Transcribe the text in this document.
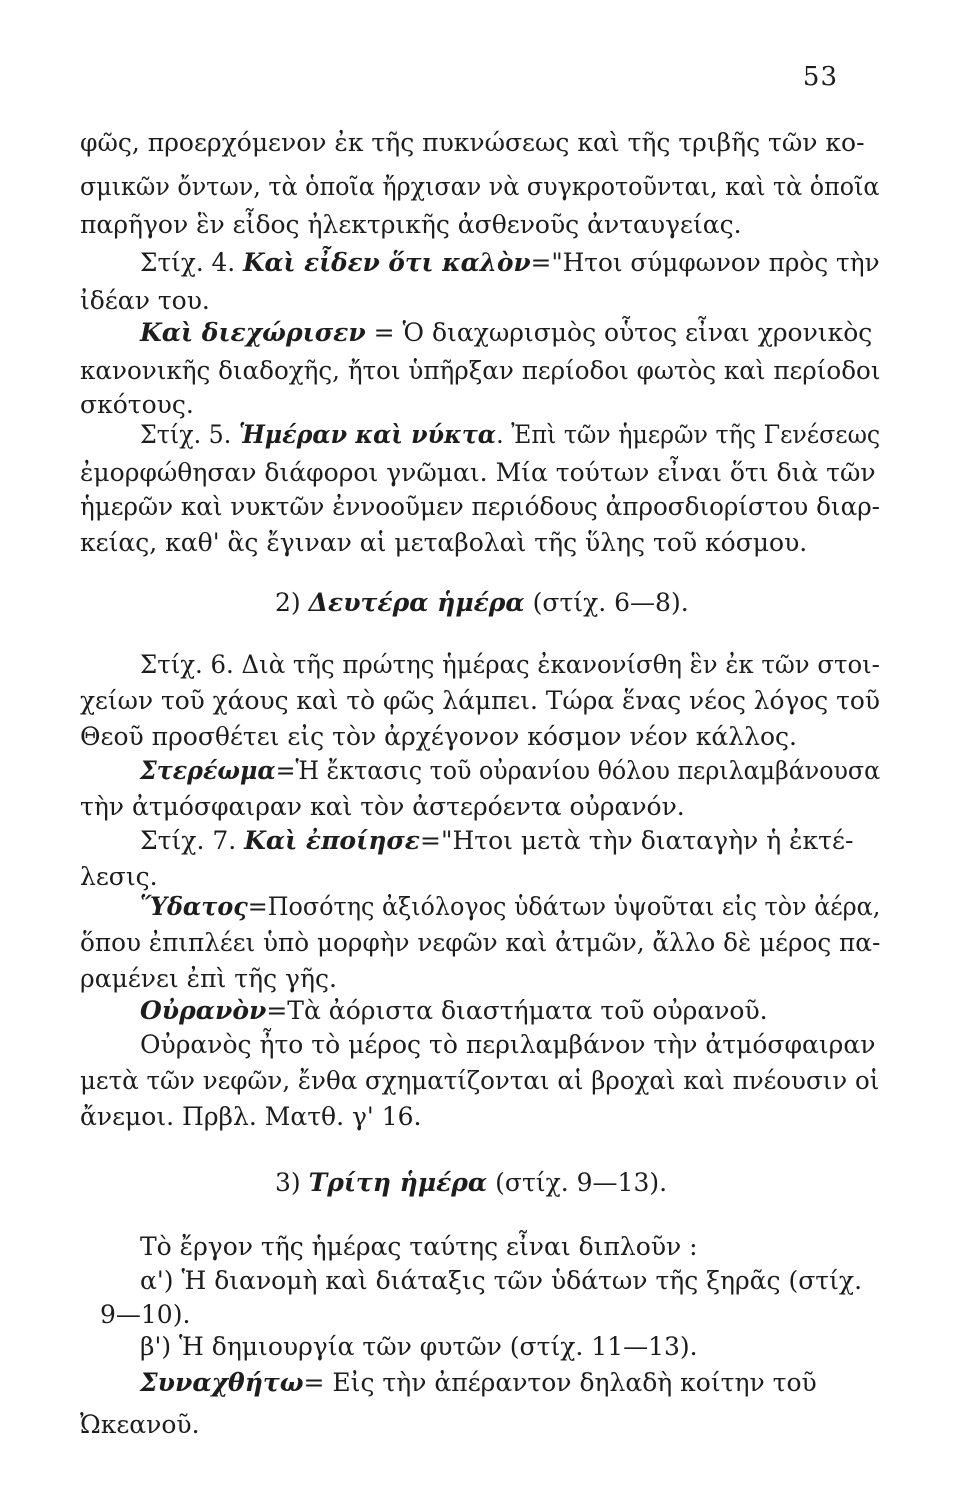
53
φῶς, προερχόμενον ἐκ τῆς πυκνώσεως καὶ τῆς τριβῆς τῶν κο-
σμικῶν ὄντων, τὰ ὁποῖα ἤρχισαν νὰ συγκροτοῦνται, καὶ τὰ ὁποῖα
παρῆγον ἓν εἶδος ἠλεκτρικῆς ἀσθενοῦς ἀνταυγείας.
Στίχ. 4. Καὶ εἶδεν ὅτι καλὸν="Ητοι σύμφωνον πρὸς τὴν
ἰδέαν του.
Καὶ διεχώρισεν = Ὁ διαχωρισμὸς οὗτος εἶναι χρονικὸς
κανονικῆς διαδοχῆς, ἤτοι ὑπῆρξαν περίοδοι φωτὸς καὶ περίοδοι
σκότους.
Στίχ. 5. Ἡμέραν καὶ νύκτα. Ἐπὶ τῶν ἡμερῶν τῆς Γενέσεως
ἐμορφώθησαν διάφοροι γνῶμαι. Μία τούτων εἶναι ὅτι διὰ τῶν
ἡμερῶν καὶ νυκτῶν ἐννοοῦμεν περιόδους ἀπροσδιορίστου διαρ-
κείας, καθ' ἃς ἔγιναν αἱ μεταβολαὶ τῆς ὕλης τοῦ κόσμου.
2) Δευτέρα ἡμέρα (στίχ. 6—8).
Στίχ. 6. Διὰ τῆς πρώτης ἡμέρας ἐκανονίσθη ἓν ἐκ τῶν στοι-
χείων τοῦ χάους καὶ τὸ φῶς λάμπει. Τώρα ἕνας νέος λόγος τοῦ
Θεοῦ προσθέτει εἰς τὸν ἀρχέγονον κόσμον νέον κάλλος.
Στερέωμα=Ἡ ἔκτασις τοῦ οὐρανίου θόλου περιλαμβάνουσα
τὴν ἀτμόσφαιραν καὶ τὸν ἀστερόεντα οὐρανόν.
Στίχ. 7. Καὶ ἐποίησε="Ητοι μετὰ τὴν διαταγὴν ἡ ἐκτέ-
λεσις.
Ὕδατος=Ποσότης ἀξιόλογος ὑδάτων ὑψοῦται εἰς τὸν ἀέρα,
ὅπου ἐπιπλέει ὑπὸ μορφὴν νεφῶν καὶ ἀτμῶν, ἄλλο δὲ μέρος πα-
ραμένει ἐπὶ τῆς γῆς.
Οὐρανὸν=Τὰ ἀόριστα διαστήματα τοῦ οὐρανοῦ.
Οὐρανὸς ἦτο τὸ μέρος τὸ περιλαμβάνον τὴν ἀτμόσφαιραν
μετὰ τῶν νεφῶν, ἔνθα σχηματίζονται αἱ βροχαὶ καὶ πνέουσιν οἱ
ἄνεμοι. Πρβλ. Ματθ. γ' 16.
3) Τρίτη ἡμέρα (στίχ. 9—13).
Τὸ ἔργον τῆς ἡμέρας ταύτης εἶναι διπλοῦν :
α') Ἡ διανομὴ καὶ διάταξις τῶν ὑδάτων τῆς ξηρᾶς (στίχ.
9—10).
β') Ἡ δημιουργία τῶν φυτῶν (στίχ. 11—13).
Συναχθήτω= Εἰς τὴν ἀπέραντον δηλαδὴ κοίτην τοῦ
Ὠκεανοῦ.
